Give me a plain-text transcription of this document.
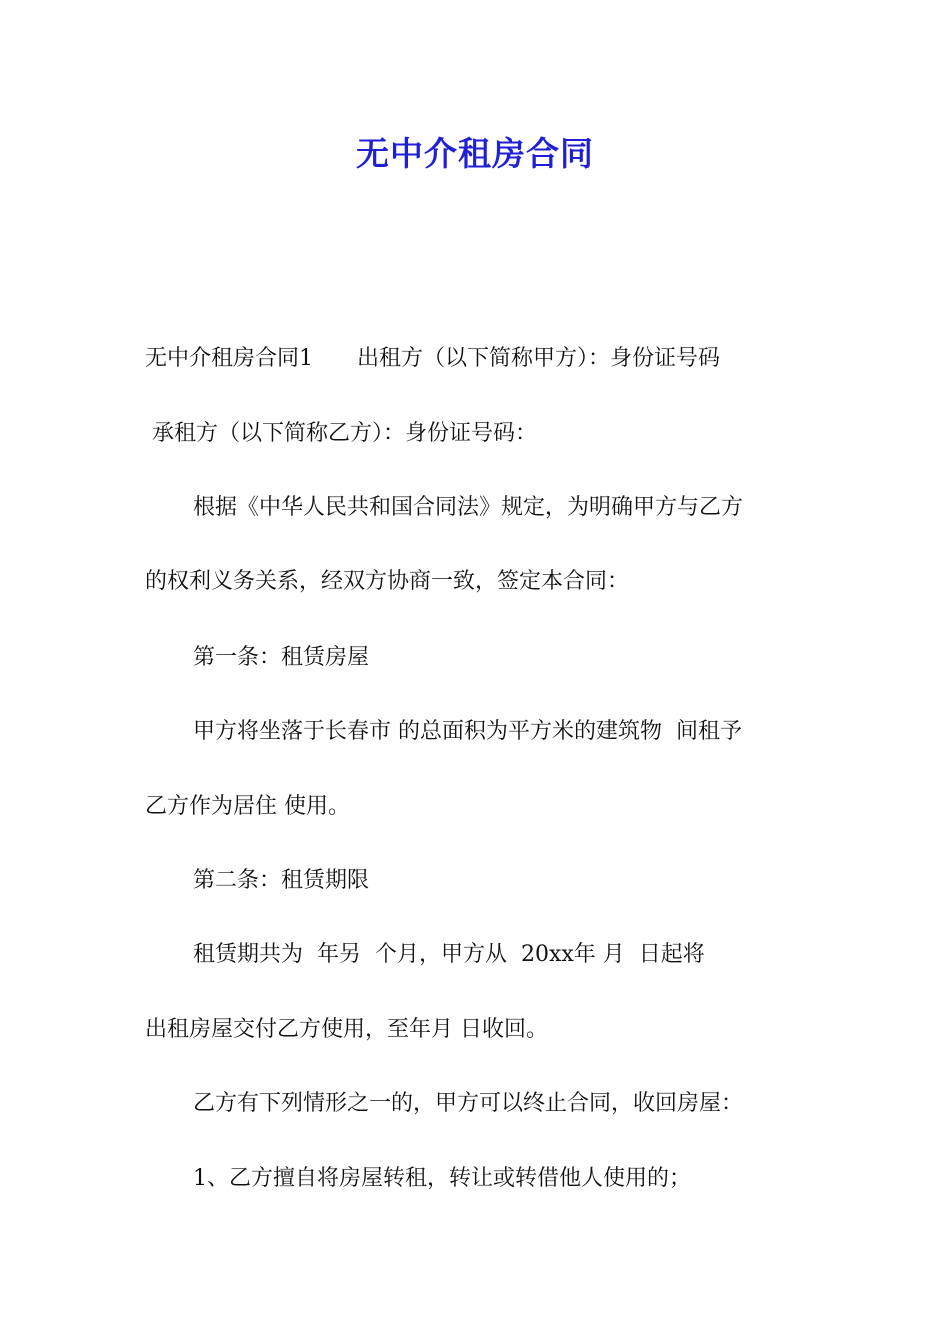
无中介租房合同
无中介租房合同1　　出租方（以下简称甲方）：身份证号码
承租方（以下简称乙方）：身份证号码：
根据《中华人民共和国合同法》规定，为明确甲方与乙方
的权利义务关系，经双方协商一致，签定本合同：
第一条：租赁房屋
甲方将坐落于长春市 的总面积为平方米的建筑物  间租予
乙方作为居住 使用。
第二条：租赁期限
租赁期共为  年另  个月，甲方从  20xx年 月  日起将
出租房屋交付乙方使用，至年月 日收回。
乙方有下列情形之一的，甲方可以终止合同，收回房屋：
1、乙方擅自将房屋转租，转让或转借他人使用的；
